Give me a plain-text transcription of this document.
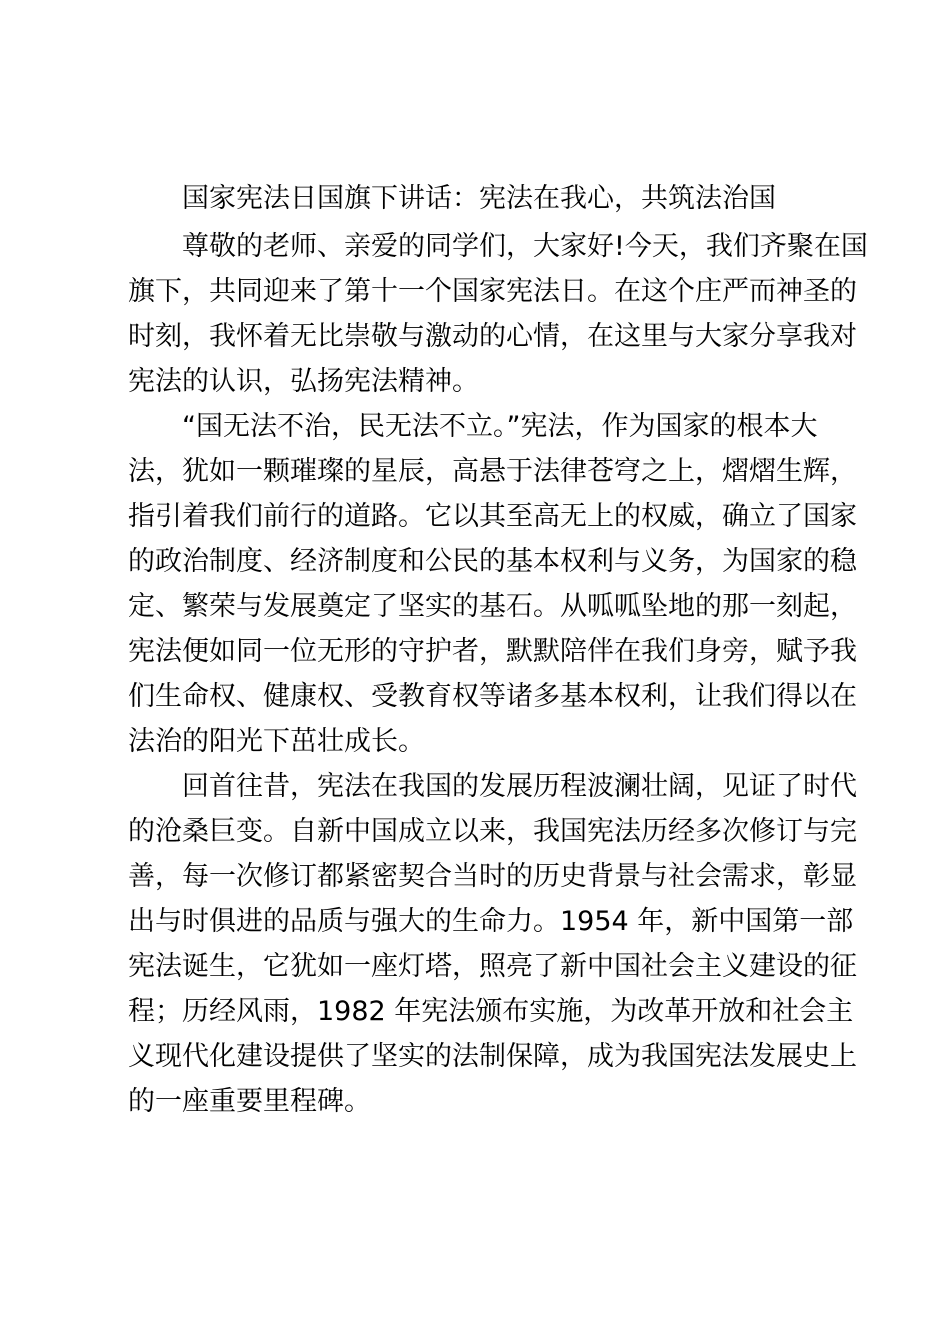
国家宪法日国旗下讲话：宪法在我心，共筑法治国

尊敬的老师、亲爱的同学们，大家好!今天，我们齐聚在国
旗下，共同迎来了第十一个国家宪法日。在这个庄严而神圣的
时刻，我怀着无比崇敬与激动的心情，在这里与大家分享我对
宪法的认识，弘扬宪法精神。

“国无法不治，民无法不立。”宪法，作为国家的根本大
法，犹如一颗璀璨的星辰，高悬于法律苍穹之上，熠熠生辉，
指引着我们前行的道路。它以其至高无上的权威，确立了国家
的政治制度、经济制度和公民的基本权利与义务，为国家的稳
定、繁荣与发展奠定了坚实的基石。从呱呱坠地的那一刻起，
宪法便如同一位无形的守护者，默默陪伴在我们身旁，赋予我
们生命权、健康权、受教育权等诸多基本权利，让我们得以在
法治的阳光下茁壮成长。

回首往昔，宪法在我国的发展历程波澜壮阔，见证了时代
的沧桑巨变。自新中国成立以来，我国宪法历经多次修订与完
善，每一次修订都紧密契合当时的历史背景与社会需求，彰显
出与时俱进的品质与强大的生命力。1954 年，新中国第一部
宪法诞生，它犹如一座灯塔，照亮了新中国社会主义建设的征
程；历经风雨，1982 年宪法颁布实施，为改革开放和社会主
义现代化建设提供了坚实的法制保障，成为我国宪法发展史上
的一座重要里程碑。
